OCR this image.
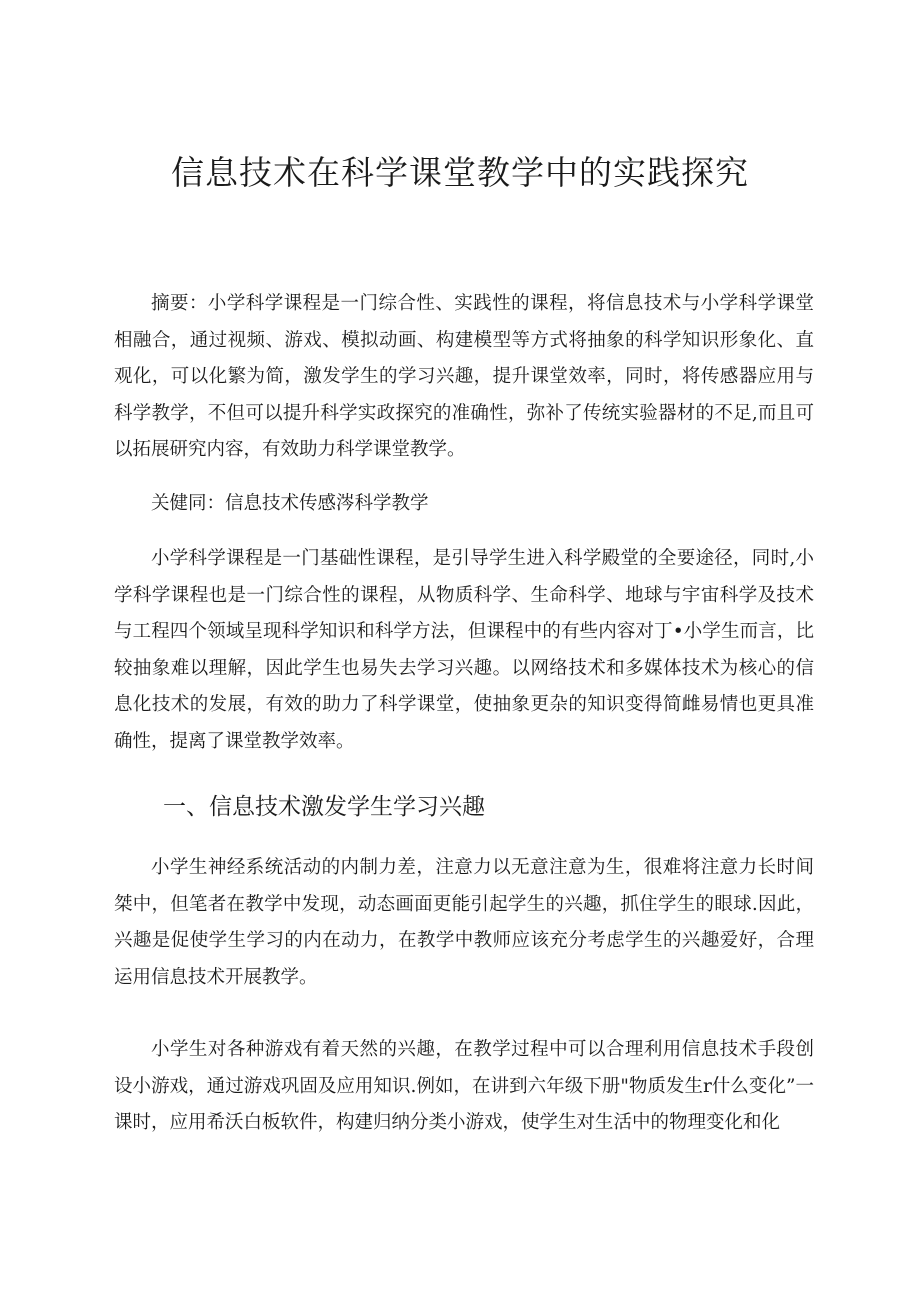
信息技术在科学课堂教学中的实践探究

摘要：小学科学课程是一门综合性、实践性的课程，将信息技术与小学科学课堂相融合，通过视频、游戏、模拟动画、构建模型等方式将抽象的科学知识形象化、直观化，可以化繁为简，激发学生的学习兴趣，提升课堂效率，同时，将传感器应用与科学教学，不但可以提升科学实政探究的准确性，弥补了传统实验器材的不足,而且可以拓展研究内容，有效助力科学课堂教学。

关健同：信息技术传感涔科学教学

小学科学课程是一门基础性课程，是引导学生进入科学殿堂的全要途径，同时,小学科学课程也是一门综合性的课程，从物质科学、生命科学、地球与宇宙科学及技术与工程四个领域呈现科学知识和科学方法，但课程中的有些内容对丁•小学生而言，比较抽象难以理解，因此学生也易失去学习兴趣。以网络技术和多媒体技术为核心的信息化技术的发展，有效的助力了科学课堂，使抽象更杂的知识变得简雌易情也更具准确性，提离了课堂教学效率。

一、信息技术激发学生学习兴趣

小学生神经系统活动的内制力差，注意力以无意注意为生，很难将注意力长时间桀中，但笔者在教学中发现，动态画面更能引起学生的兴趣，抓住学生的眼球.因此，兴趣是促使学生学习的内在动力，在教学中教师应该充分考虑学生的兴趣爱好，合理运用信息技术开展教学。

小学生对各种游戏有着天然的兴趣，在教学过程中可以合理利用信息技术手段创设小游戏，通过游戏巩固及应用知识.例如，在讲到六年级下册"物质发生r什么变化”一课时，应用希沃白板软件，构建归纳分类小游戏，使学生对生活中的物理变化和化
